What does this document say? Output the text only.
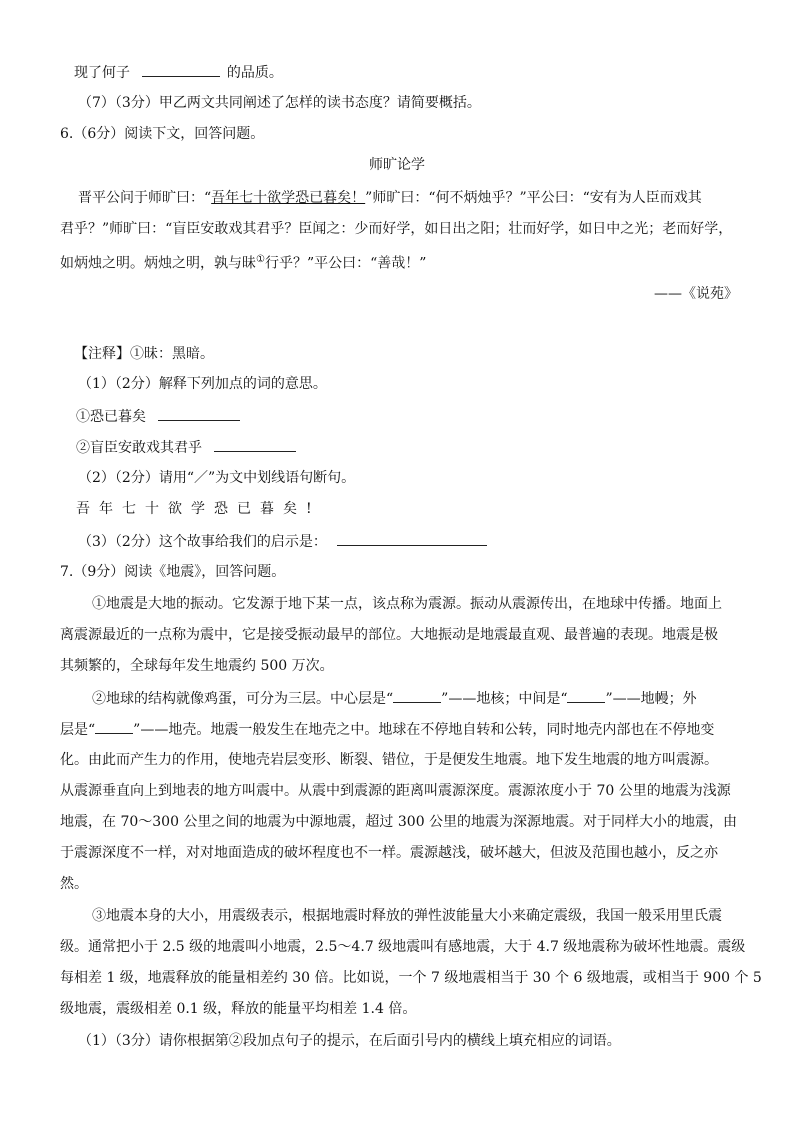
现了何子	的品质。
（7）（3分）甲乙两文共同阐述了怎样的读书态度？请简要概括。
6.（6分）阅读下文，回答问题。
师旷论学
晋平公问于师旷曰：“吾年七十欲学恐已暮矣！”师旷曰：“何不炳烛乎？”平公曰：“安有为人臣而戏其
君乎？”师旷曰：“盲臣安敢戏其君乎？臣闻之：少而好学，如日出之阳；壮而好学，如日中之光；老而好学，
如炳烛之明。炳烛之明，孰与昧①行乎？”平公曰：“善哉！”
——《说苑》
【注释】①昧：黑暗。
（1）（2分）解释下列加点的词的意思。
①恐已暮矣
②盲臣安敢戏其君乎
（2）（2分）请用“／”为文中划线语句断句。
吾年七十欲学恐已暮矣!
（3）（2分）这个故事给我们的启示是：
7.（9分）阅读《地震》，回答问题。
①地震是大地的振动。它发源于地下某一点，该点称为震源。振动从震源传出，在地球中传播。地面上
离震源最近的一点称为震中，它是接受振动最早的部位。大地振动是地震最直观、最普遍的表现。地震是极
其频繁的，全球每年发生地震约 500 万次。
②地球的结构就像鸡蛋，可分为三层。中心层是“	”——地核；中间是“	”——地幔；外
层是“	”——地壳。地震一般发生在地壳之中。地球在不停地自转和公转，同时地壳内部也在不停地变
化。由此而产生力的作用，使地壳岩层变形、断裂、错位，于是便发生地震。地下发生地震的地方叫震源。
从震源垂直向上到地表的地方叫震中。从震中到震源的距离叫震源深度。震源浓度小于 70 公里的地震为浅源
地震，在 70～300 公里之间的地震为中源地震，超过 300 公里的地震为深源地震。对于同样大小的地震，由
于震源深度不一样，对对地面造成的破坏程度也不一样。震源越浅，破坏越大，但波及范围也越小，反之亦
然。
③地震本身的大小，用震级表示，根据地震时释放的弹性波能量大小来确定震级，我国一般采用里氏震
级。通常把小于 2.5 级的地震叫小地震，2.5～4.7 级地震叫有感地震，大于 4.7 级地震称为破坏性地震。震级
每相差 1 级，地震释放的能量相差约 30 倍。比如说，一个 7 级地震相当于 30 个 6 级地震，或相当于 900 个 5
级地震，震级相差 0.1 级，释放的能量平均相差 1.4 倍。
（1）（3分）请你根据第②段加点句子的提示，在后面引号内的横线上填充相应的词语。
